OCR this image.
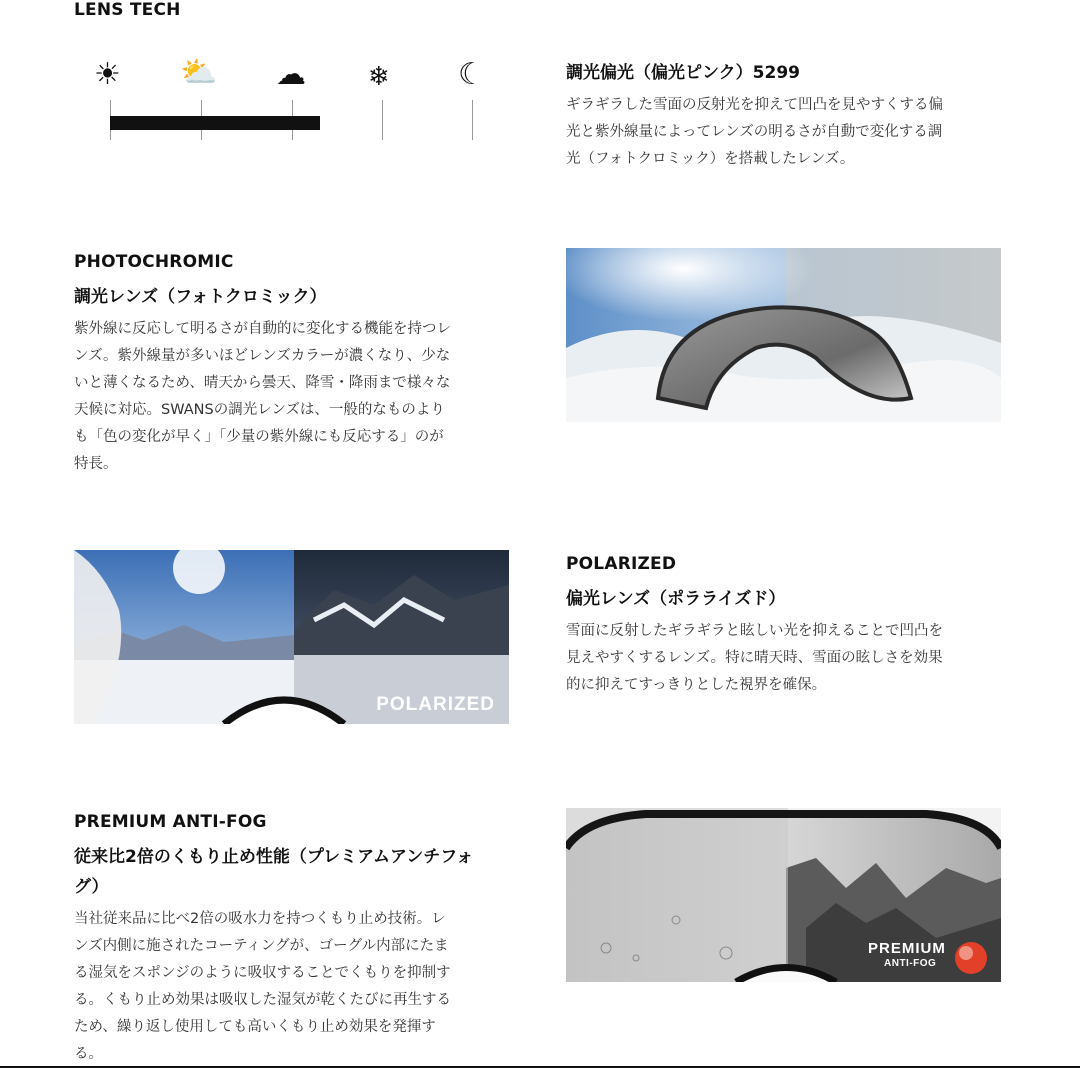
LENS TECH
☀ ⛅ ☁ ❄ ☾	調光偏光（偏光ピンク）5299
ギラギラした雪面の反射光を抑えて凹凸を見やすくする偏
光と紫外線量によってレンズの明るさが自動で変化する調
光（フォトクロミック）を搭載したレンズ。
PHOTOCHROMIC
調光レンズ（フォトクロミック）
紫外線に反応して明るさが自動的に変化する機能を持つレ
ンズ。紫外線量が多いほどレンズカラーが濃くなり、少な
いと薄くなるため、晴天から曇天、降雪・降雨まで様々な
天候に対応。SWANSの調光レンズは、一般的なものより
も「色の変化が早く」「少量の紫外線にも反応する」のが
特長。
POLARIZED
POLARIZED
偏光レンズ（ポラライズド）
雪面に反射したギラギラと眩しい光を抑えることで凹凸を
見えやすくするレンズ。特に晴天時、雪面の眩しさを効果
的に抑えてすっきりとした視界を確保。
PREMIUM ANTI-FOG
従来比2倍のくもり止め性能（プレミアムアンチフォ
グ）
当社従来品に比べ2倍の吸水力を持つくもり止め技術。レ
ンズ内側に施されたコーティングが、ゴーグル内部にたま
る湿気をスポンジのように吸収することでくもりを抑制す
る。くもり止め効果は吸収した湿気が乾くたびに再生する
ため、繰り返し使用しても高いくもり止め効果を発揮す
る。
PREMIUM
ANTI-FOG
